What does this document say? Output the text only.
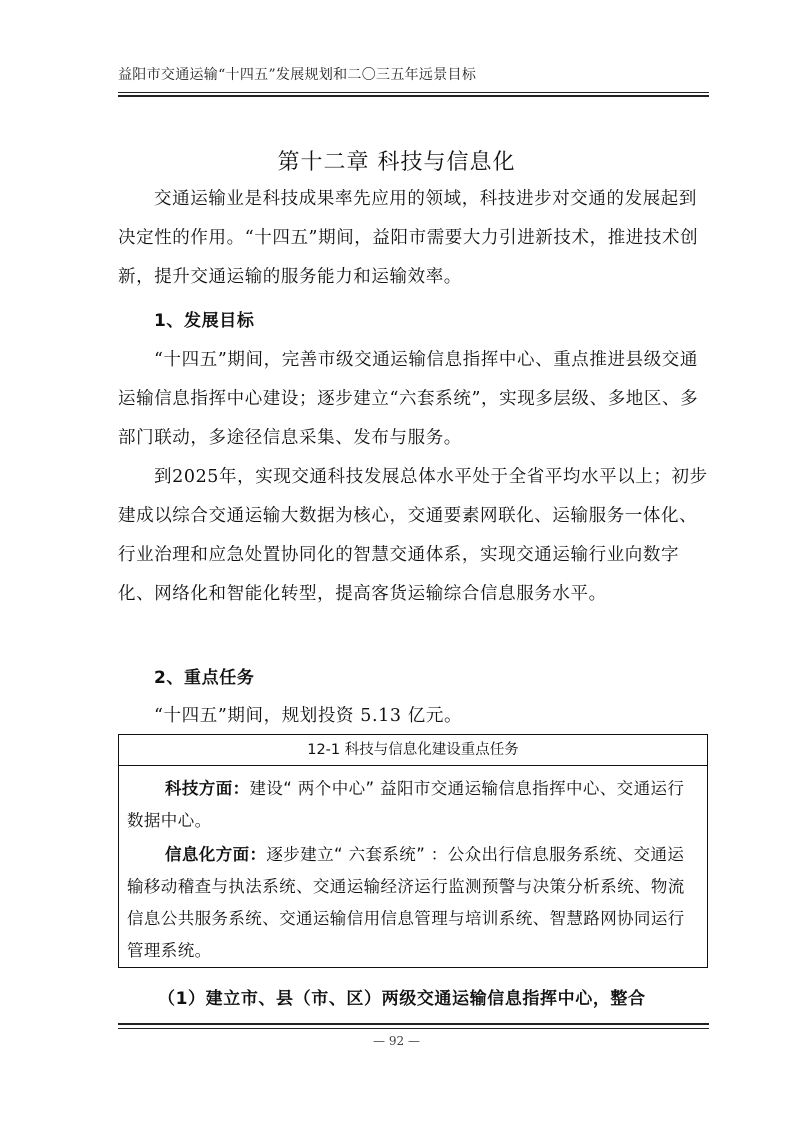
益阳市交通运输“十四五”发展规划和二〇三五年远景目标
第十二章 科技与信息化

交通运输业是科技成果率先应用的领域，科技进步对交通的发展起到决定性的作用。“十四五”期间，益阳市需要大力引进新技术，推进技术创新，提升交通运输的服务能力和运输效率。

1、发展目标

“十四五”期间，完善市级交通运输信息指挥中心、重点推进县级交通运输信息指挥中心建设；逐步建立“六套系统”，实现多层级、多地区、多部门联动，多途径信息采集、发布与服务。

到2025年，实现交通科技发展总体水平处于全省平均水平以上；初步建成以综合交通运输大数据为核心，交通要素网联化、运输服务一体化、行业治理和应急处置协同化的智慧交通体系，实现交通运输行业向数字化、网络化和智能化转型，提高客货运输综合信息服务水平。

2、重点任务

“十四五”期间，规划投资 5.13 亿元。

12-1 科技与信息化建设重点任务

科技方面：建设“ 两个中心” 益阳市交通运输信息指挥中心、交通运行数据中心。

信息化方面：逐步建立“ 六套系统” ：公众出行信息服务系统、交通运输移动稽查与执法系统、交通运输经济运行监测预警与决策分析系统、物流信息公共服务系统、交通运输信用信息管理与培训系统、智慧路网协同运行管理系统。

（1）建立市、县（市、区）两级交通运输信息指挥中心，整合

— 92 —
